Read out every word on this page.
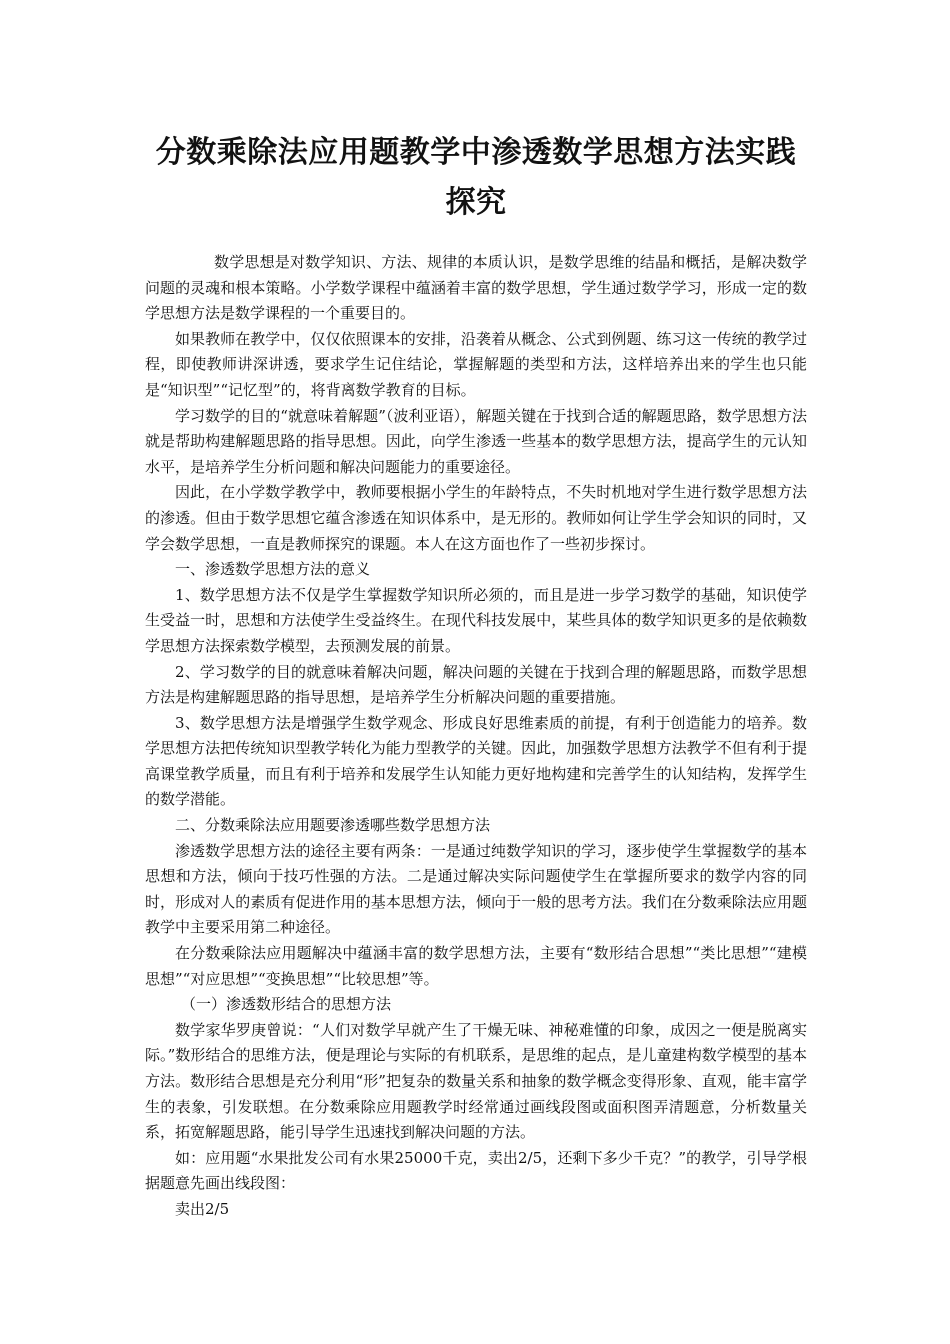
分数乘除法应用题教学中渗透数学思想方法实践探究

数学思想是对数学知识、方法、规律的本质认识，是数学思维的结晶和概括，是解决数学问题的灵魂和根本策略。小学数学课程中蕴涵着丰富的数学思想，学生通过数学学习，形成一定的数学思想方法是数学课程的一个重要目的。

如果教师在教学中，仅仅依照课本的安排，沿袭着从概念、公式到例题、练习这一传统的教学过程，即使教师讲深讲透，要求学生记住结论，掌握解题的类型和方法，这样培养出来的学生也只能是“知识型”“记忆型”的，将背离数学教育的目标。

学习数学的目的“就意味着解题”（波利亚语），解题关键在于找到合适的解题思路，数学思想方法就是帮助构建解题思路的指导思想。因此，向学生渗透一些基本的数学思想方法，提高学生的元认知水平，是培养学生分析问题和解决问题能力的重要途径。

因此，在小学数学教学中，教师要根据小学生的年龄特点，不失时机地对学生进行数学思想方法的渗透。但由于数学思想它蕴含渗透在知识体系中，是无形的。教师如何让学生学会知识的同时，又学会数学思想，一直是教师探究的课题。本人在这方面也作了一些初步探讨。

一、渗透数学思想方法的意义

1、数学思想方法不仅是学生掌握数学知识所必须的，而且是进一步学习数学的基础，知识使学生受益一时，思想和方法使学生受益终生。在现代科技发展中，某些具体的数学知识更多的是依赖数学思想方法探索数学模型，去预测发展的前景。

2、学习数学的目的就意味着解决问题，解决问题的关键在于找到合理的解题思路，而数学思想方法是构建解题思路的指导思想，是培养学生分析解决问题的重要措施。

3、数学思想方法是增强学生数学观念、形成良好思维素质的前提，有利于创造能力的培养。数学思想方法把传统知识型教学转化为能力型教学的关键。因此，加强数学思想方法教学不但有利于提高课堂教学质量，而且有利于培养和发展学生认知能力更好地构建和完善学生的认知结构，发挥学生的数学潜能。

二、分数乘除法应用题要渗透哪些数学思想方法

渗透数学思想方法的途径主要有两条：一是通过纯数学知识的学习，逐步使学生掌握数学的基本思想和方法，倾向于技巧性强的方法。二是通过解决实际问题使学生在掌握所要求的数学内容的同时，形成对人的素质有促进作用的基本思想方法，倾向于一般的思考方法。我们在分数乘除法应用题教学中主要采用第二种途径。

在分数乘除法应用题解决中蕴涵丰富的数学思想方法，主要有“数形结合思想”“类比思想”“建模思想”“对应思想”“变换思想”“比较思想”等。

（一）渗透数形结合的思想方法

数学家华罗庚曾说：“人们对数学早就产生了干燥无味、神秘难懂的印象，成因之一便是脱离实际。”数形结合的思维方法，便是理论与实际的有机联系，是思维的起点，是儿童建构数学模型的基本方法。数形结合思想是充分利用“形”把复杂的数量关系和抽象的数学概念变得形象、直观，能丰富学生的表象，引发联想。在分数乘除应用题教学时经常通过画线段图或面积图弄清题意，分析数量关系，拓宽解题思路，能引导学生迅速找到解决问题的方法。

如：应用题“水果批发公司有水果25000千克，卖出2/5，还剩下多少千克？”的教学，引导学根据题意先画出线段图：

卖出2/5
